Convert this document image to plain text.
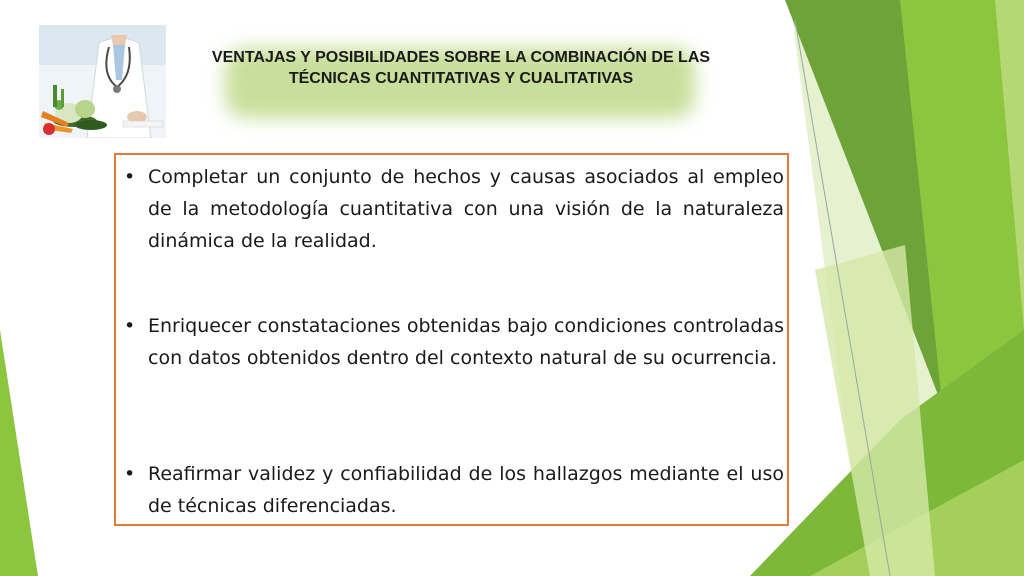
VENTAJAS Y POSIBILIDADES SOBRE LA COMBINACIÓN DE LAS TÉCNICAS CUANTITATIVAS Y CUALITATIVAS
• Completar un conjunto de hechos y causas asociados al empleo de la metodología cuantitativa con una visión de la naturaleza dinámica de la realidad.

• Enriquecer constataciones obtenidas bajo condiciones controladas con datos obtenidos dentro del contexto natural de su ocurrencia.

• Reafirmar validez y confiabilidad de los hallazgos mediante el uso de técnicas diferenciadas.
